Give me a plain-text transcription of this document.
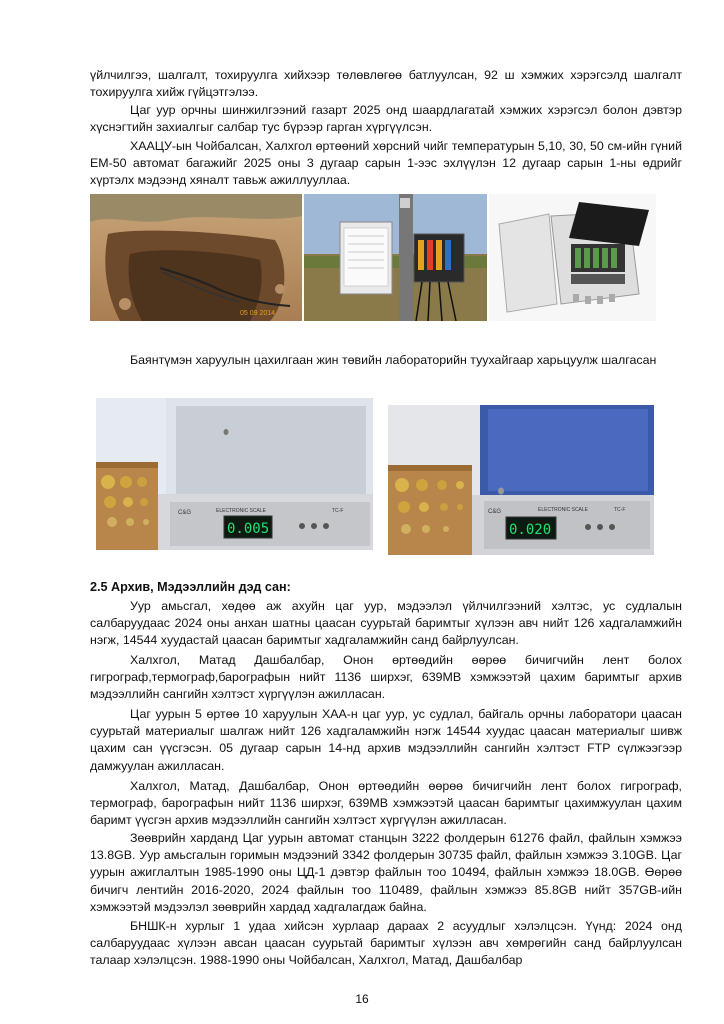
үйлчилгээ, шалгалт, тохируулга хийхээр төлөвлөгөө батлуулсан, 92 ш хэмжих хэрэгсэлд шалгалт тохируулга хийж гүйцэтгэлээ.

Цаг уур орчны шинжилгээний газарт 2025 онд шаардлагатай хэмжих хэрэгсэл болон дэвтэр хүснэгтийн захиалгыг салбар тус бүрээр гарган хүргүүлсэн.

ХААЦУ-ын Чойбалсан, Халхгол өртөөний хөрсний чийг температурын 5,10, 30, 50 см-ийн гүний ЕМ-50 автомат багажийг 2025 оны 3 дугаар сарын 1-ээс эхлүүлэн 12 дугаар сарын 1-ны өдрийг хүртэлх мэдээнд хяналт тавьж ажиллууллаа.

05 09 2014

Баянтүмэн харуулын цахилгаан жин төвийн лабораторийн туухайгаар харьцуулж шалгасан

C&G	ELECTRONIC SCALE	TC-F
0.005
C&G	ELECTRONIC SCALE	TC-F
0.020

2.5 Архив, Мэдээллийн дэд сан:

Уур амьсгал, хөдөө аж ахуйн цаг уур, мэдээлэл үйлчилгээний хэлтэс, ус судлалын салбаруудаас 2024 оны анхан шатны цаасан суурьтай баримтыг хүлээн авч нийт 126 хадгаламжийн нэгж, 14544 хуудастай цаасан баримтыг хадгаламжийн санд байрлуулсан.

Халхгол, Матад Дашбалбар, Онон өртөөдийн өөрөө бичигчийн лент болох гигрограф,термограф,барографын нийт 1136 ширхэг, 639МВ хэмжээтэй цахим баримтыг архив мэдээллийн сангийн хэлтэст хүргүүлэн ажилласан.

Цаг уурын 5 өртөө 10 харуулын ХАА-н цаг уур, ус судлал, байгаль орчны лаборатори цаасан суурьтай материалыг шалгаж нийт 126 хадгаламжийн нэгж 14544 хуудас цаасан материалыг шивж цахим сан үүсгэсэн. 05 дугаар сарын 14-нд архив мэдээллийн сангийн хэлтэст FTP сүлжээгээр дамжуулан ажилласан.

Халхгол, Матад, Дашбалбар, Онон өртөөдийн өөрөө бичигчийн лент болох гигрограф, термограф, барографын нийт 1136 ширхэг, 639МВ хэмжээтэй цаасан баримтыг цахимжуулан цахим баримт үүсгэн архив мэдээллийн сангийн хэлтэст хүргүүлэн ажилласан.

Зөөврийн харданд Цаг уурын автомат станцын 3222 фолдерын 61276 файл, файлын хэмжээ 13.8GB. Уур амьсгалын горимын мэдээний 3342 фолдерын 30735 файл, файлын хэмжээ 3.10GB. Цаг уурын ажиглалтын 1985-1990 оны ЦД-1 дэвтэр файлын тоо 10494, файлын хэмжээ 18.0GB. Өөрөө бичигч лентийн 2016-2020, 2024 файлын тоо 110489, файлын хэмжээ 85.8GB нийт 357GB-ийн хэмжээтэй мэдээлэл зөөврийн хардад хадгалагдаж байна.

БНШК-н хурлыг 1 удаа хийсэн хурлаар дараах 2 асуудлыг хэлэлцсэн. Үүнд: 2024 онд салбаруудаас хүлээн авсан цаасан суурьтай баримтыг хүлээн авч хөмрөгийн санд байрлуулсан талаар хэлэлцсэн. 1988-1990 оны Чойбалсан, Халхгол, Матад, Дашбалбар

16
